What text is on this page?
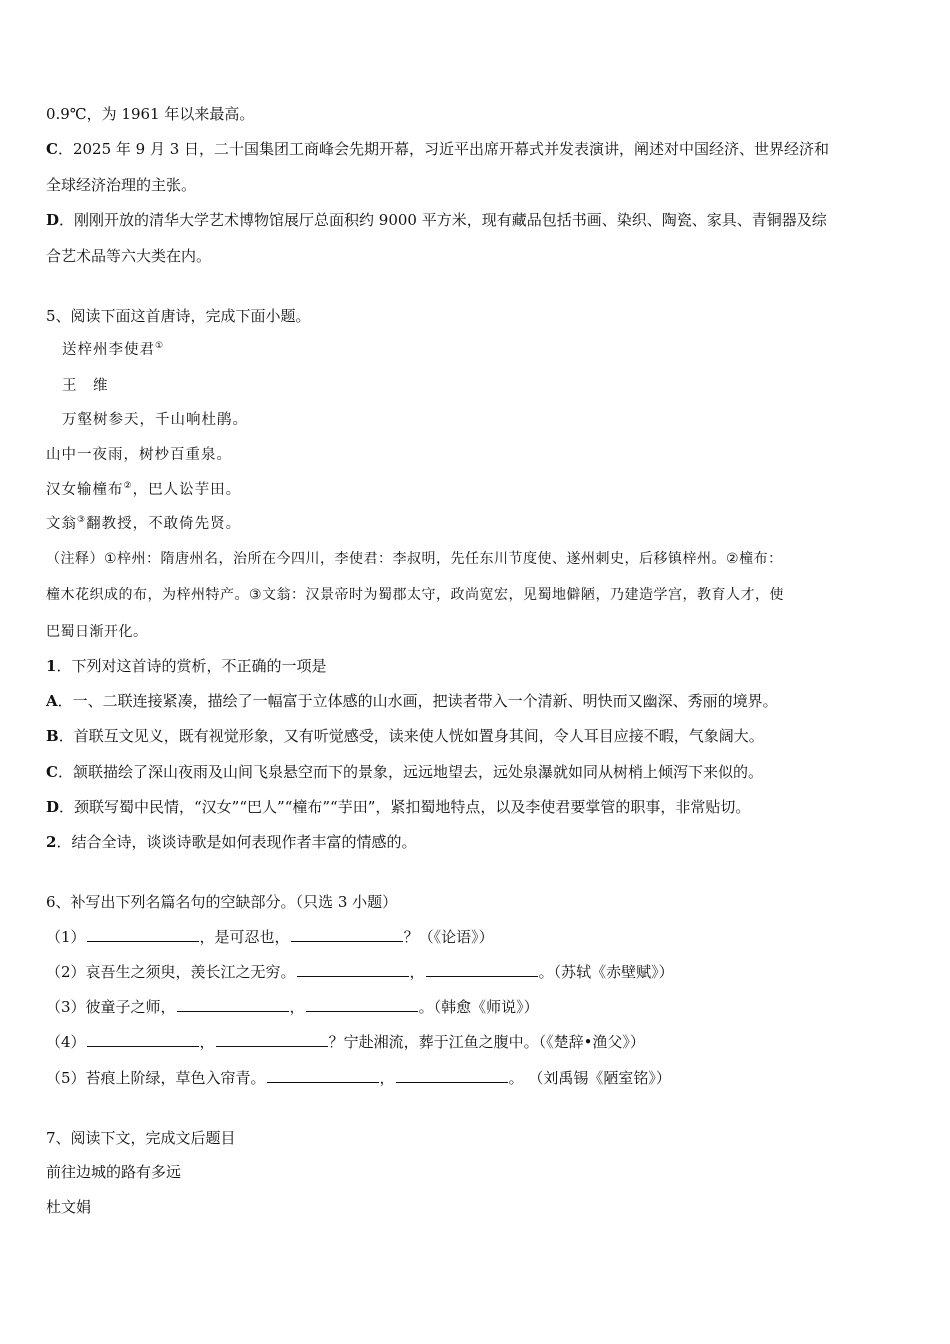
0.9℃，为 1961 年以来最高。
C．2025 年 9 月 3 日，二十国集团工商峰会先期开幕，习近平出席开幕式并发表演讲，阐述对中国经济、世界经济和
全球经济治理的主张。
D．刚刚开放的清华大学艺术博物馆展厅总面积约 9000 平方米，现有藏品包括书画、染织、陶瓷、家具、青铜器及综
合艺术品等六大类在内。
5、阅读下面这首唐诗，完成下面小题。
送梓州李使君①
王　维
万壑树参天，千山响杜鹃。
山中一夜雨，树杪百重泉。
汉女输橦布②，巴人讼芋田。
文翁③翻教授，不敢倚先贤。
（注释）①梓州：隋唐州名，治所在今四川，李使君：李叔明，先任东川节度使、遂州刺史，后移镇梓州。②橦布：
橦木花织成的布，为梓州特产。③文翁：汉景帝时为蜀郡太守，政尚宽宏，见蜀地僻陋，乃建造学宫，教育人才，使
巴蜀日渐开化。
1．下列对这首诗的赏析，不正确的一项是
A．一、二联连接紧凑，描绘了一幅富于立体感的山水画，把读者带入一个清新、明快而又幽深、秀丽的境界。
B．首联互文见义，既有视觉形象，又有听觉感受，读来使人恍如置身其间，令人耳目应接不暇，气象阔大。
C．颔联描绘了深山夜雨及山间飞泉悬空而下的景象，远远地望去，远处泉瀑就如同从树梢上倾泻下来似的。
D．颈联写蜀中民情，“汉女”“巴人”“橦布”“芋田”，紧扣蜀地特点，以及李使君要掌管的职事，非常贴切。
2．结合全诗，谈谈诗歌是如何表现作者丰富的情感的。
6、补写出下列名篇名句的空缺部分。（只选 3 小题）
（1）	，是可忍也，	？（《论语》）
（2）哀吾生之须臾，羡长江之无穷。	，	。（苏轼《赤壁赋》）
（3）彼童子之师，	，	。（韩愈《师说》）
（4）	，	？宁赴湘流，葬于江鱼之腹中。（《楚辞•渔父》）
（5）苔痕上阶绿，草色入帘青。	，	。 （刘禹锡《陋室铭》）
7、阅读下文，完成文后题目
前往边城的路有多远
杜文娟
